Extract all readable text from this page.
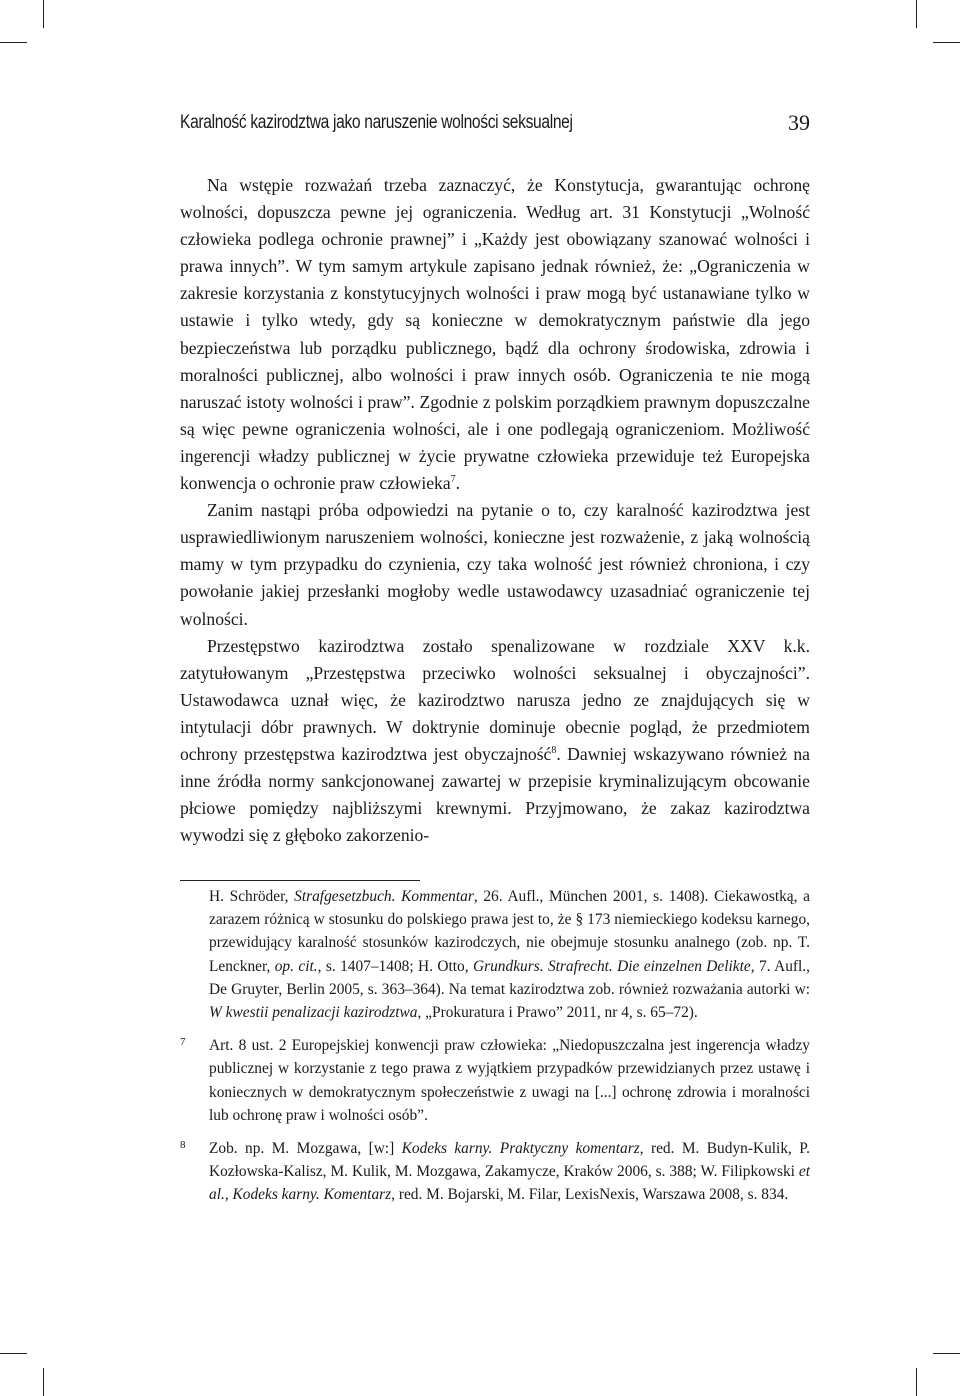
Karalność kazirodztwa jako naruszenie wolności seksualnej	39

Na wstępie rozważań trzeba zaznaczyć, że Konstytucja, gwarantując ochronę wolności, dopuszcza pewne jej ograniczenia. Według art. 31 Konstytucji „Wolność człowieka podlega ochronie prawnej” i „Każdy jest obowiązany szanować wolności i prawa innych”. W tym samym artykule zapisano jednak również, że: „Ograniczenia w zakresie korzystania z konstytucyjnych wolności i praw mogą być ustanawiane tylko w ustawie i tylko wtedy, gdy są konieczne w demokratycznym państwie dla jego bezpieczeństwa lub porządku publicznego, bądź dla ochrony środowiska, zdrowia i moralności publicznej, albo wolności i praw innych osób. Ograniczenia te nie mogą naruszać istoty wolności i praw”. Zgodnie z polskim porządkiem prawnym dopuszczalne są więc pewne ograniczenia wolności, ale i one podlegają ograniczeniom. Możliwość ingerencji władzy publicznej w życie prywatne człowieka przewiduje też Europejska konwencja o ochronie praw człowieka$^7$.

Zanim nastąpi próba odpowiedzi na pytanie o to, czy karalność kazirodztwa jest usprawiedliwionym naruszeniem wolności, konieczne jest rozważenie, z jaką wolnością mamy w tym przypadku do czynienia, czy taka wolność jest również chroniona, i czy powołanie jakiej przesłanki mogłoby wedle ustawodawcy uzasadniać ograniczenie tej wolności.

Przestępstwo kazirodztwa zostało spenalizowane w rozdziale XXV k.k. zatytułowanym „Przestępstwa przeciwko wolności seksualnej i obyczajności”. Ustawodawca uznał więc, że kazirodztwo narusza jedno ze znajdujących się w intytulacji dóbr prawnych. W doktrynie dominuje obecnie pogląd, że przedmiotem ochrony przestępstwa kazirodztwa jest obyczajność$^8$. Dawniej wskazywano również na inne źródła normy sankcjonowanej zawartej w przepisie kryminalizującym obcowanie płciowe pomiędzy najbliższymi krewnymi. Przyjmowano, że zakaz kazirodztwa wywodzi się z głęboko zakorzenio-

H. Schröder, Strafgesetzbuch. Kommentar, 26. Aufl., München 2001, s. 1408). Ciekawostką, a zarazem różnicą w stosunku do polskiego prawa jest to, że § 173 niemieckiego kodeksu karnego, przewidujący karalność stosunków kazirodczych, nie obejmuje stosunku analnego (zob. np. T. Lenckner, op. cit., s. 1407–1408; H. Otto, Grundkurs. Strafrecht. Die einzelnen Delikte, 7. Aufl., De Gruyter, Berlin 2005, s. 363–364). Na temat kazirodztwa zob. również rozważania autorki w: W kwestii penalizacji kazirodztwa, „Prokuratura i Prawo” 2011, nr 4, s. 65–72).

7 Art. 8 ust. 2 Europejskiej konwencji praw człowieka: „Niedopuszczalna jest ingerencja władzy publicznej w korzystanie z tego prawa z wyjątkiem przypadków przewidzianych przez ustawę i koniecznych w demokratycznym społeczeństwie z uwagi na [...] ochronę zdrowia i moralności lub ochronę praw i wolności osób”.

8 Zob. np. M. Mozgawa, [w:] Kodeks karny. Praktyczny komentarz, red. M. Budyn-Kulik, P. Kozłowska-Kalisz, M. Kulik, M. Mozgawa, Zakamycze, Kraków 2006, s. 388; W. Filipkowski et al., Kodeks karny. Komentarz, red. M. Bojarski, M. Filar, LexisNexis, Warszawa 2008, s. 834.
